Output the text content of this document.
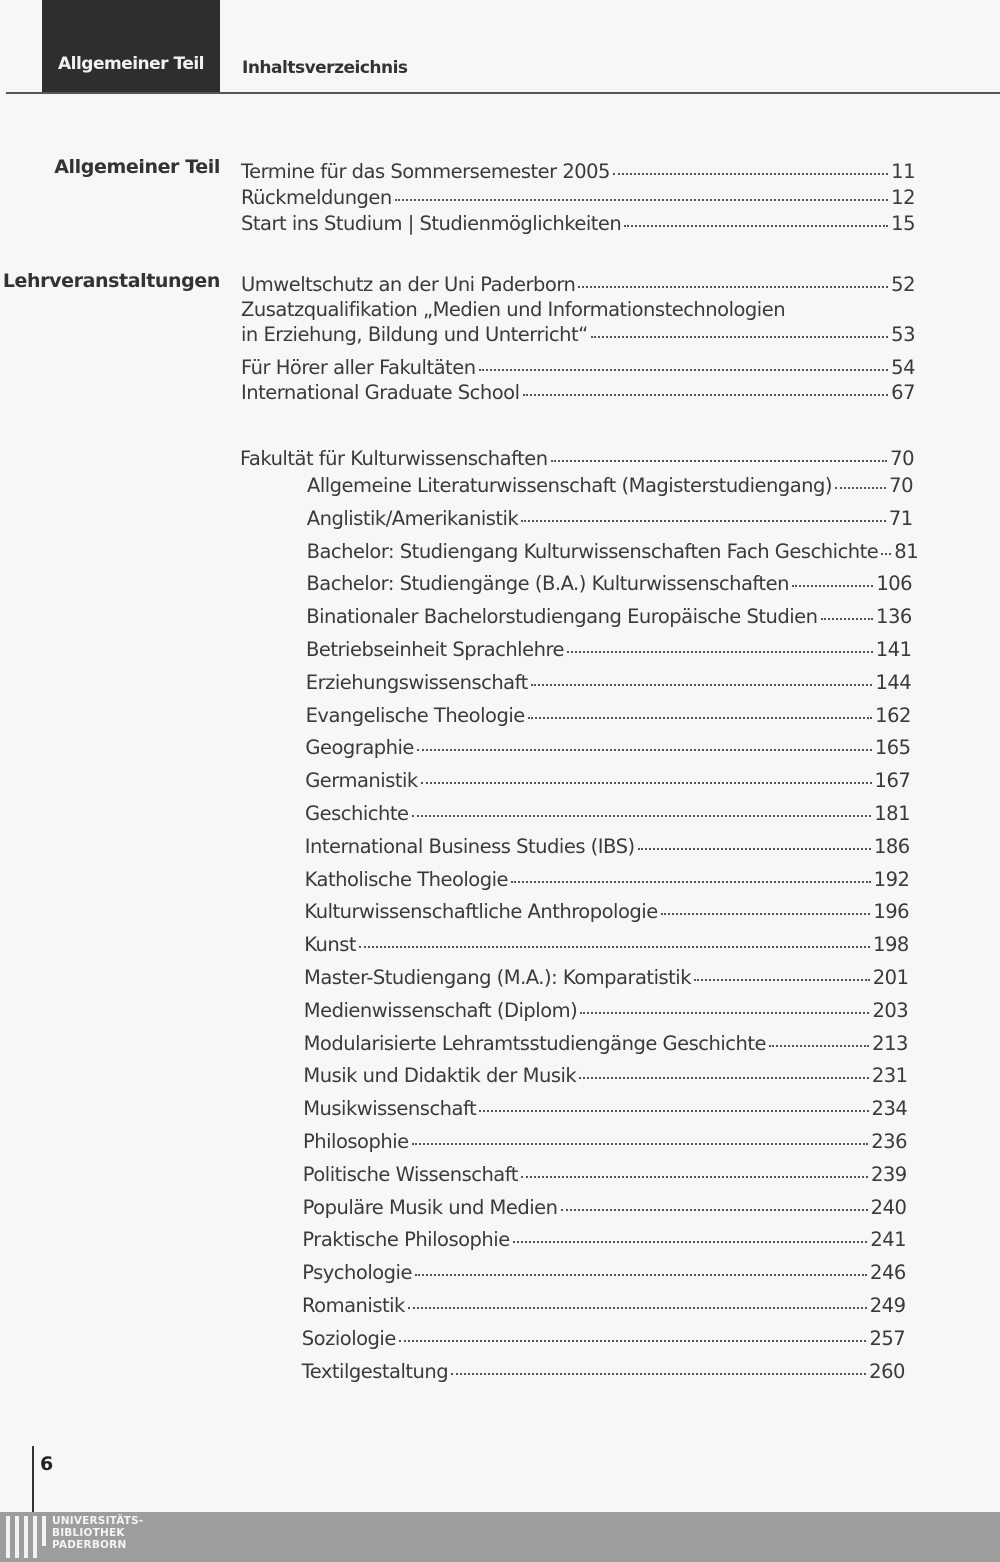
Allgemeiner Teil	Inhaltsverzeichnis
Allgemeiner Teil Termine für das Sommersemester 2005	11
Rückmeldungen	12
Start ins Studium | Studienmöglichkeiten	15
Lehrveranstaltungen Umweltschutz an der Uni Paderborn	52
Zusatzqualifikation „Medien und Informationstechnologien
in Erziehung, Bildung und Unterricht“	53
Für Hörer aller Fakultäten	54
International Graduate School	67
Fakultät für Kulturwissenschaften	70
Allgemeine Literaturwissenschaft (Magisterstudiengang)	70
Anglistik/Amerikanistik	71
Bachelor: Studiengang Kulturwissenschaften Fach Geschichte 81
Bachelor: Studiengänge (B.A.) Kulturwissenschaften	106
Binationaler Bachelorstudiengang Europäische Studien	136
Betriebseinheit Sprachlehre	141
Erziehungswissenschaft	144
Evangelische Theologie	162
Geographie	165
Germanistik	167
Geschichte	181
International Business Studies (IBS)	186
Katholische Theologie	192
Kulturwissenschaftliche Anthropologie	196
Kunst	198
Master-Studiengang (M.A.): Komparatistik	201
Medienwissenschaft (Diplom)	203
Modularisierte Lehramtsstudiengänge Geschichte	213
Musik und Didaktik der Musik	231
Musikwissenschaft	234
Philosophie	236
Politische Wissenschaft	239
Populäre Musik und Medien	240
Praktische Philosophie	241
Psychologie	246
Romanistik	249
Soziologie	257
Textilgestaltung	260
6
UNIVERSITÄTS-
BIBLIOTHEK
PADERBORN
